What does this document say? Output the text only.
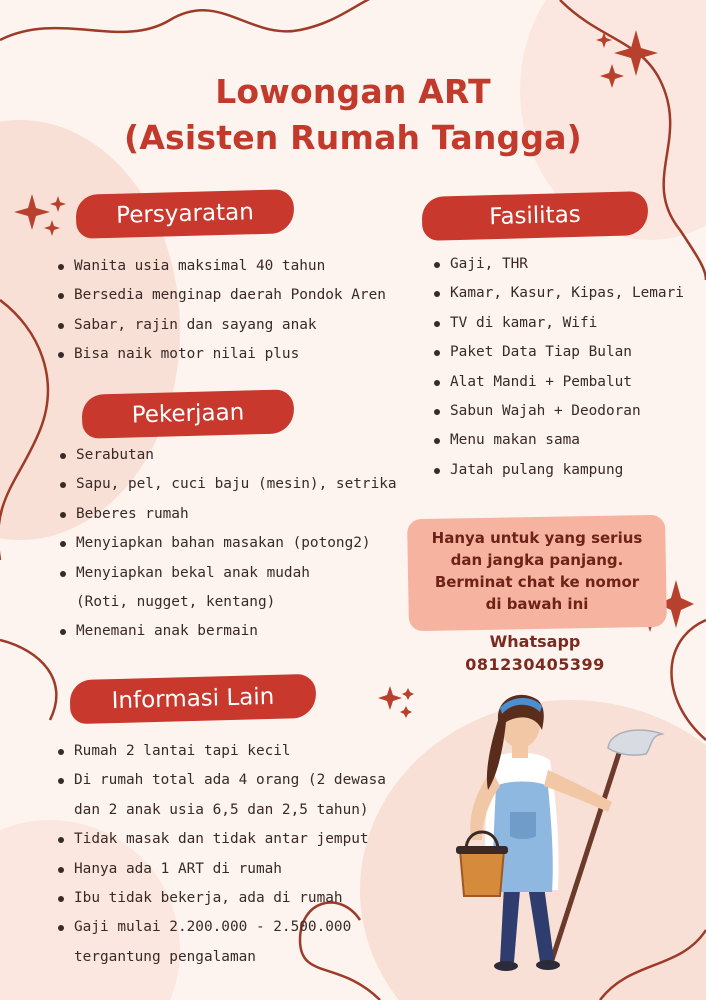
Lowongan ART
(Asisten Rumah Tangga)
Persyaratan
Wanita usia maksimal 40 tahun
Bersedia menginap daerah Pondok Aren
Sabar, rajin dan sayang anak
Bisa naik motor nilai plus
Fasilitas
Gaji, THR
Kamar, Kasur, Kipas, Lemari
TV di kamar, Wifi
Paket Data Tiap Bulan
Alat Mandi + Pembalut
Sabun Wajah + Deodoran
Menu makan sama
Jatah pulang kampung
Pekerjaan
Serabutan
Sapu, pel, cuci baju (mesin), setrika
Beberes rumah
Menyiapkan bahan masakan (potong2)
Menyiapkan bekal anak mudah
(Roti, nugget, kentang)
Menemani anak bermain
Informasi Lain
Rumah 2 lantai tapi kecil
Di rumah total ada 4 orang (2 dewasa
dan 2 anak usia 6,5 dan 2,5 tahun)
Tidak masak dan tidak antar jemput
Hanya ada 1 ART di rumah
Ibu tidak bekerja, ada di rumah
Gaji mulai 2.200.000 - 2.500.000
tergantung pengalaman
Hanya untuk yang serius
dan jangka panjang.
Berminat chat ke nomor
di bawah ini
Whatsapp
081230405399
